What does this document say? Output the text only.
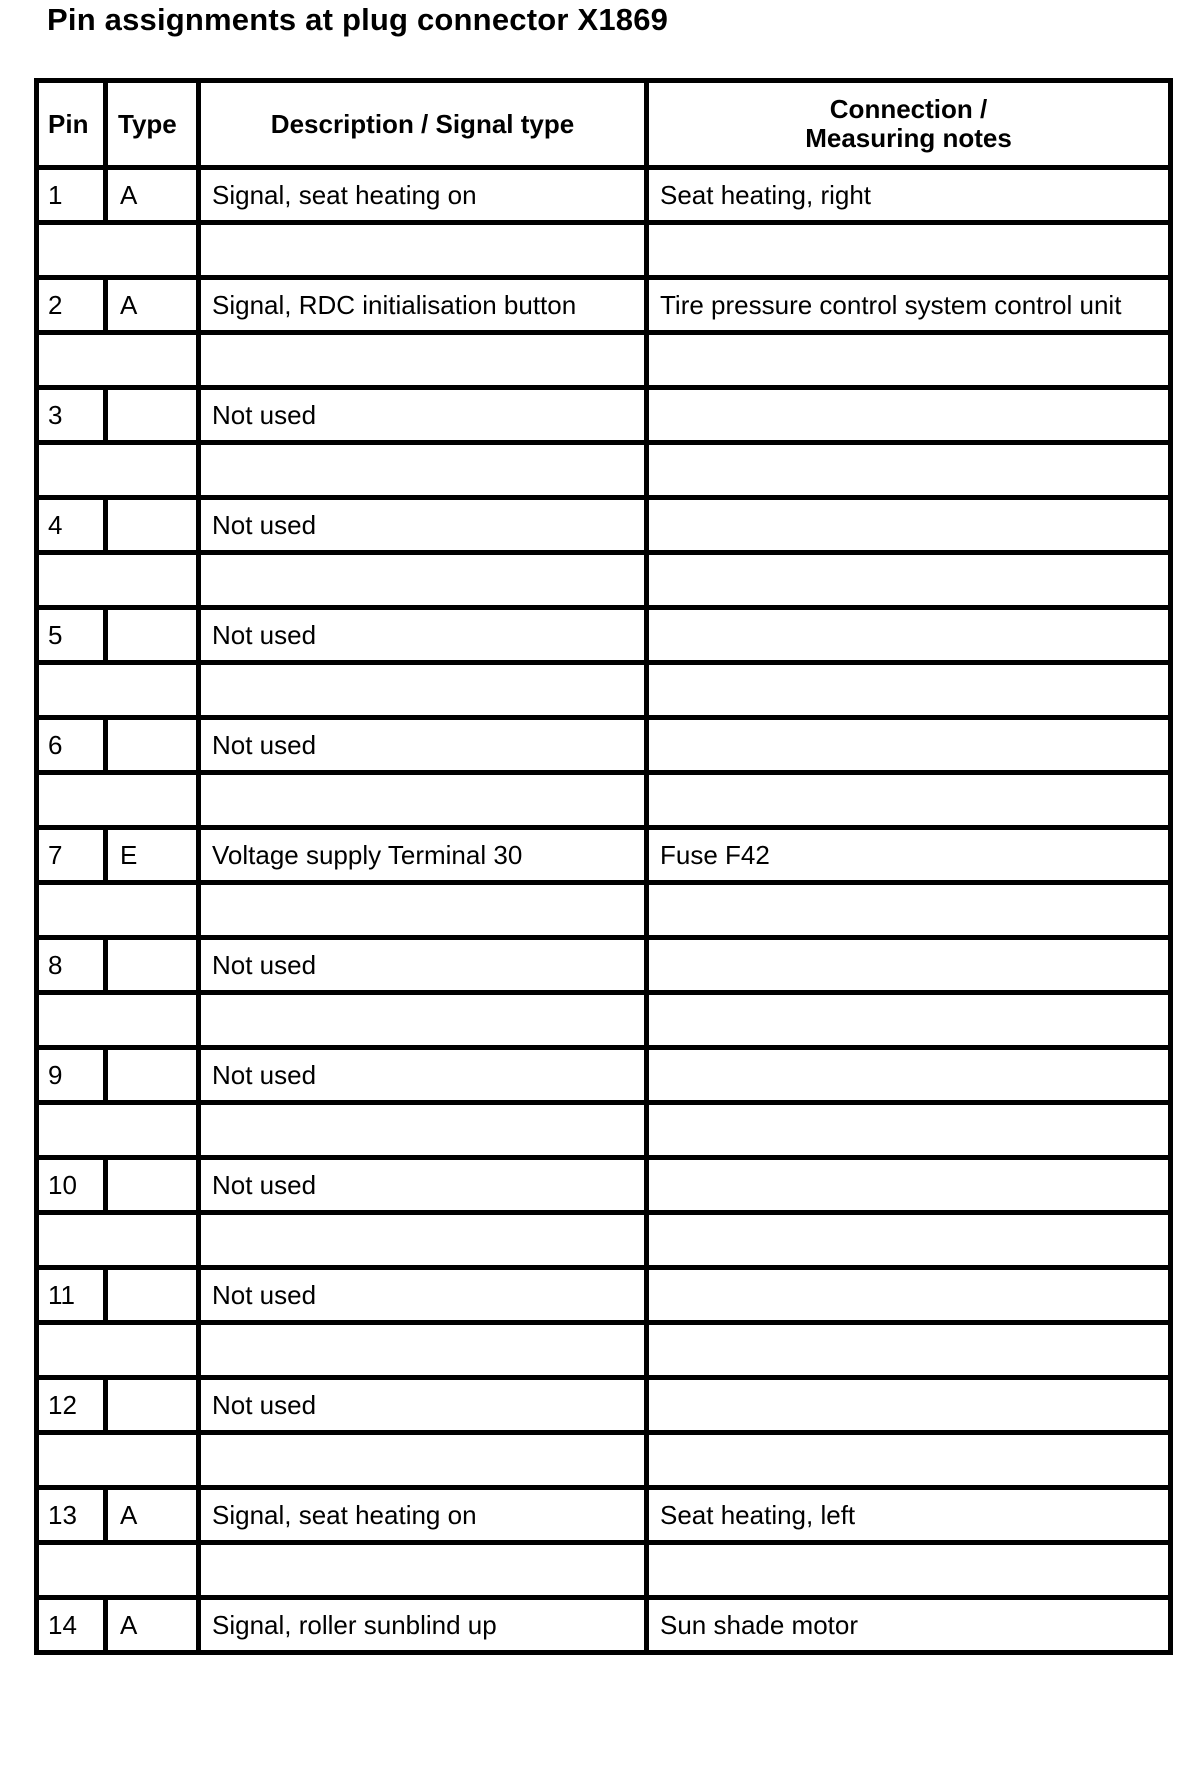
Pin assignments at plug connector X1869
Pin	Type	Description / Signal type	Connection /
Measuring notes
1	A	Signal, seat heating on	Seat heating, right

2	A	Signal, RDC initialisation button	Tire pressure control system control unit

3		Not used	

4		Not used	

5		Not used	

6		Not used	

7	E	Voltage supply Terminal 30	Fuse F42

8		Not used	

9		Not used	

10		Not used	

11		Not used	

12		Not used	

13	A	Signal, seat heating on	Seat heating, left

14	A	Signal, roller sunblind up	Sun shade motor
